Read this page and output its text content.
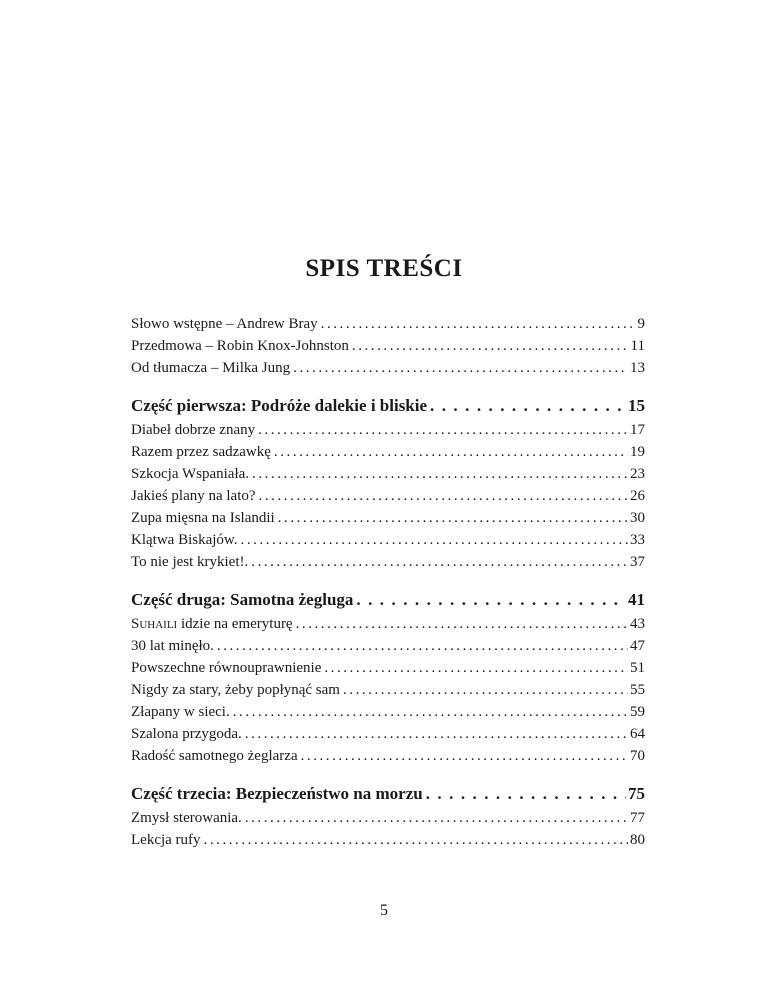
SPIS TREŚCI
Słowo wstępne – Andrew Bray . . .	9
Przedmowa – Robin Knox-Johnston . . .	11
Od tłumacza – Milka Jung . . .	13
Część pierwsza: Podróże dalekie i bliskie . . .	15
Diabeł dobrze znany . . .	17
Razem przez sadzawkę . . .	19
Szkocja Wspaniała. . . .	23
Jakieś plany na lato? . . .	26
Zupa mięsna na Islandii . . .	30
Klątwa Biskajów. . . .	33
To nie jest krykiet!. . . .	37
Część druga: Samotna żegluga . . .	41
Suhaili idzie na emeryturę . . .	43
30 lat minęło. . . .	47
Powszechne równouprawnienie . . .	51
Nigdy za stary, żeby popłynąć sam . . .	55
Złapany w sieci. . . .	59
Szalona przygoda. . . .	64
Radość samotnego żeglarza . . .	70
Część trzecia: Bezpieczeństwo na morzu . . .	75
Zmysł sterowania. . . .	77
Lekcja rufy . . .	80
5
